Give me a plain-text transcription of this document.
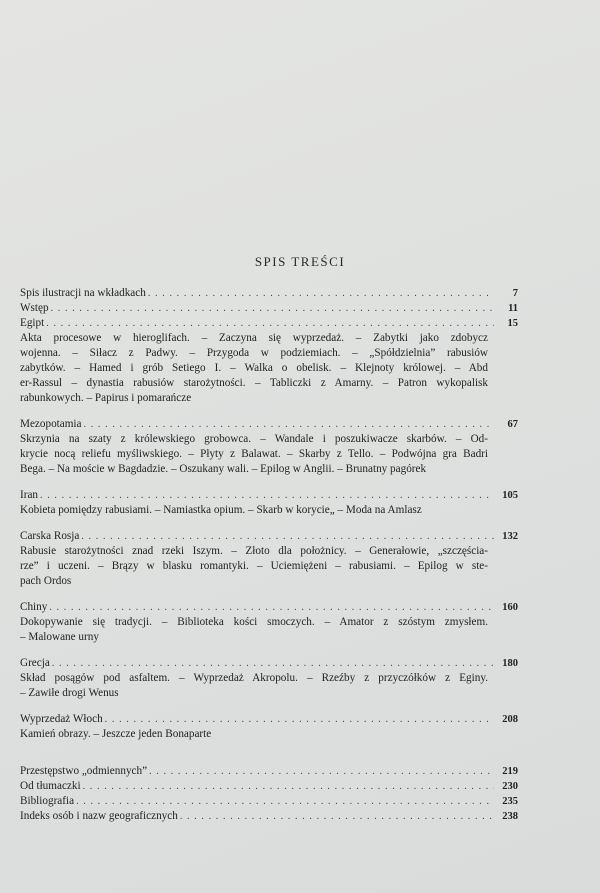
SPIS TREŚCI
Spis ilustracji na wkładkach . . .	7
Wstęp . . .	11
Egipt . . .	15
Akta procesowe w hieroglifach. – Zaczyna się wyprzedaż. – Zabytki jako zdobycz
wojenna. – Siłacz z Padwy. – Przygoda w podziemiach. – „Spółdzielnia” rabusiów
zabytków. – Hamed i grób Setiego I. – Walka o obelisk. – Klejnoty królowej. – Abd
er-Rassul – dynastia rabusiów starożytności. – Tabliczki z Amarny. – Patron wykopalisk
rabunkowych. – Papirus i pomarańcze
Mezopotamia . . .	67
Skrzynia na szaty z królewskiego grobowca. – Wandale i poszukiwacze skarbów. – Od-
krycie nocą reliefu myśliwskiego. – Płyty z Balawat. – Skarby z Tello. – Podwójna gra Badri
Bega. – Na moście w Bagdadzie. – Oszukany wali. – Epilog w Anglii. – Brunatny pagórek
Iran . . .	105
Kobieta pomiędzy rabusiami. – Namiastka opium. – Skarb w korycie„ – Moda na Amlasz
Carska Rosja . . .	132
Rabusie starożytności znad rzeki Iszym. – Złoto dla położnicy. – Generałowie, „szczęścia-
rze” i uczeni. – Brązy w blasku romantyki. – Uciemiężeni – rabusiami. – Epilog w ste-
pach Ordos
Chiny . . .	160
Dokopywanie się tradycji. – Biblioteka kości smoczych. – Amator z szóstym zmysłem.
– Malowane urny
Grecja . . .	180
Skład posągów pod asfaltem. – Wyprzedaż Akropolu. – Rzeźby z przyczółków z Eginy.
– Zawiłe drogi Wenus
Wyprzedaż Włoch . . .	208
Kamień obrazy. – Jeszcze jeden Bonaparte
Przestępstwo „odmiennych” . . .	219
Od tłumaczki . . .	230
Bibliografia . . .	235
Indeks osób i nazw geograficznych . . .	238
